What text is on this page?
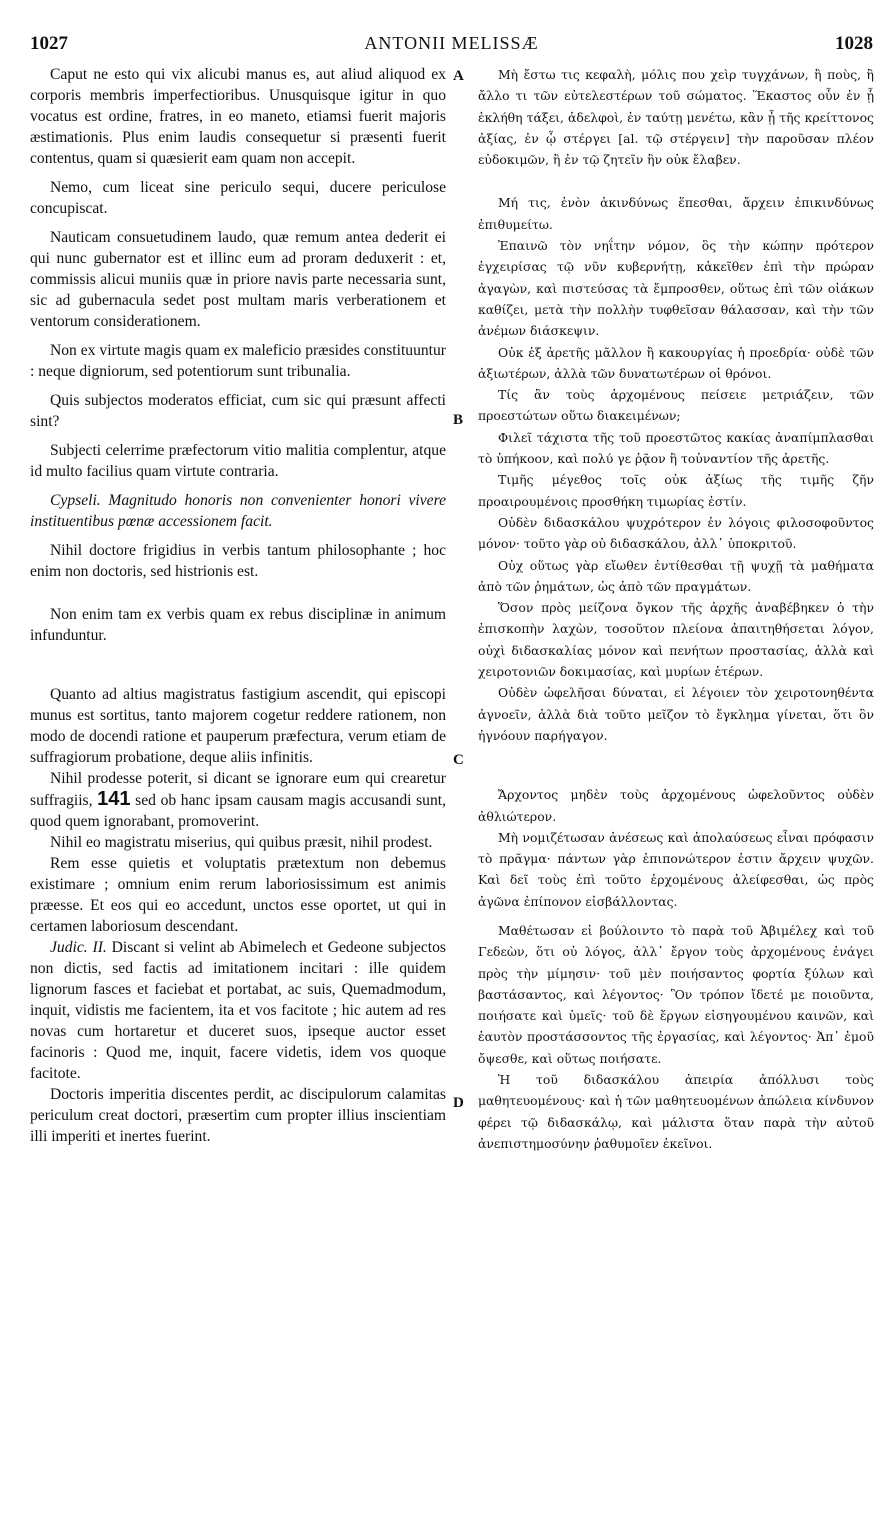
1027	ANTONII MELISSÆ	1028
A
B
C
D

Caput ne esto qui vix alicubi manus es, aut aliud aliquod ex corporis membris imperfectioribus. Unusquisque igitur in quo vocatus est ordine, fratres, in eo maneto, etiamsi fuerit majoris æstimationis. Plus enim laudis consequetur si præsenti fuerit contentus, quam si quæsierit eam quam non accepit.

Nemo, cum liceat sine periculo sequi, ducere periculose concupiscat.

Nauticam consuetudinem laudo, quæ remum antea dederit ei qui nunc gubernator est et illinc eum ad proram deduxerit : et, commissis alicui muniis quæ in priore navis parte necessaria sunt, sic ad gubernacula sedet post multam maris verberationem et ventorum considerationem.

Non ex virtute magis quam ex maleficio præsides constituuntur : neque digniorum, sed potentiorum sunt tribunalia.

Quis subjectos moderatos efficiat, cum sic qui præsunt affecti sint?

Subjecti celerrime præfectorum vitio malitia complentur, atque id multo facilius quam virtute contraria.

Cypseli. Magnitudo honoris non convenienter honori vivere instituentibus pœnæ accessionem facit.

Nihil doctore frigidius in verbis tantum philosophante ; hoc enim non doctoris, sed histrionis est.

Non enim tam ex verbis quam ex rebus disciplinæ in animum infunduntur.

Quanto ad altius magistratus fastigium ascendit, qui episcopi munus est sortitus, tanto majorem cogetur reddere rationem, non modo de docendi ratione et pauperum præfectura, verum etiam de suffragiorum probatione, deque aliis infinitis.

Nihil prodesse poterit, si dicant se ignorare eum qui crearetur suffragiis, 141 sed ob hanc ipsam causam magis accusandi sunt, quod quem ignorabant, promoverint.

Nihil eo magistratu miserius, qui quibus præsit, nihil prodest.

Rem esse quietis et voluptatis prætextum non debemus existimare ; omnium enim rerum laboriosissimum est animis præesse. Et eos qui eo accedunt, unctos esse oportet, ut qui in certamen laboriosum descendant.

Judic. II. Discant si velint ab Abimelech et Gedeone subjectos non dictis, sed factis ad imitationem incitari : ille quidem lignorum fasces et faciebat et portabat, ac suis, Quemadmodum, inquit, vidistis me facientem, ita et vos facitote ; hic autem ad res novas cum hortaretur et duceret suos, ipseque auctor esset facinoris : Quod me, inquit, facere videtis, idem vos quoque facitote.

Doctoris imperitia discentes perdit, ac discipulorum calamitas periculum creat doctori, præsertim cum propter illius inscientiam illi imperiti et inertes fuerint.

Μὴ ἔστω τις κεφαλὴ, μόλις που χεὶρ τυγχάνων, ἢ ποὺς, ἢ ἄλλο τι τῶν εὐτελεστέρων τοῦ σώματος. Ἕκαστος οὖν ἐν ᾗ ἐκλήθη τάξει, ἀδελφοὶ, ἐν ταύτῃ μενέτω, κἂν ᾖ τῆς κρείττονος ἀξίας, ἐν ᾧ στέργει [al. τῷ στέργειν] τὴν παροῦσαν πλέον εὐδοκιμῶν, ἢ ἐν τῷ ζητεῖν ἣν οὐκ ἔλαβεν.

Μή τις, ἐνὸν ἀκινδύνως ἕπεσθαι, ἄρχειν ἐπικινδύνως ἐπιθυμείτω.

Ἐπαινῶ τὸν νηΐτην νόμον, ὃς τὴν κώπην πρότερον ἐγχειρίσας τῷ νῦν κυβερνήτῃ, κἀκεῖθεν ἐπὶ τὴν πρώραν ἀγαγὼν, καὶ πιστεύσας τὰ ἔμπροσθεν, οὕτως ἐπὶ τῶν οἰάκων καθίζει, μετὰ τὴν πολλὴν τυφθεῖσαν θάλασσαν, καὶ τὴν τῶν ἀνέμων διάσκεψιν.

Οὐκ ἐξ ἀρετῆς μᾶλλον ἢ κακουργίας ἡ προεδρία· οὐδὲ τῶν ἀξιωτέρων, ἀλλὰ τῶν δυνατωτέρων οἱ θρόνοι.

Τίς ἂν τοὺς ἀρχομένους πείσειε μετριάζειν, τῶν προεστώτων οὕτω διακειμένων;

Φιλεῖ τάχιστα τῆς τοῦ προεστῶτος κακίας ἀναπίμπλασθαι τὸ ὑπήκοον, καὶ πολύ γε ῥᾷον ἢ τοὐναντίον τῆς ἀρετῆς.

Τιμῆς μέγεθος τοῖς οὐκ ἀξίως τῆς τιμῆς ζῆν προαιρουμένοις προσθήκη τιμωρίας ἐστίν.

Οὐδὲν διδασκάλου ψυχρότερον ἐν λόγοις φιλοσοφοῦντος μόνον· τοῦτο γὰρ οὐ διδασκάλου, ἀλλ᾽ ὑποκριτοῦ.

Οὐχ οὕτως γὰρ εἴωθεν ἐντίθεσθαι τῇ ψυχῇ τὰ μαθήματα ἀπὸ τῶν ῥημάτων, ὡς ἀπὸ τῶν πραγμάτων.

Ὅσον πρὸς μείζονα ὄγκον τῆς ἀρχῆς ἀναβέβηκεν ὁ τὴν ἐπισκοπὴν λαχὼν, τοσοῦτον πλείονα ἀπαιτηθήσεται λόγον, οὐχὶ διδασκαλίας μόνον καὶ πενήτων προστασίας, ἀλλὰ καὶ χειροτονιῶν δοκιμασίας, καὶ μυρίων ἑτέρων.

Οὐδὲν ὠφελῆσαι δύναται, εἰ λέγοιεν τὸν χειροτονηθέντα ἀγνοεῖν, ἀλλὰ διὰ τοῦτο μεῖζον τὸ ἔγκλημα γίνεται, ὅτι ὃν ἠγνόουν παρήγαγον.

Ἄρχοντος μηδὲν τοὺς ἀρχομένους ὠφελοῦντος οὐδὲν ἀθλιώτερον.

Μὴ νομιζέτωσαν ἀνέσεως καὶ ἀπολαύσεως εἶναι πρόφασιν τὸ πρᾶγμα· πάντων γὰρ ἐπιπονώτερον ἐστιν ἄρχειν ψυχῶν. Καὶ δεῖ τοὺς ἐπὶ τοῦτο ἐρχομένους ἀλείφεσθαι, ὡς πρὸς ἀγῶνα ἐπίπονον εἰσβάλλοντας.

Μαθέτωσαν εἰ βούλοιντο τὸ παρὰ τοῦ Ἀβιμέλεχ καὶ τοῦ Γεδεὼν, ὅτι οὐ λόγος, ἀλλ᾽ ἔργον τοὺς ἀρχομένους ἐνάγει πρὸς τὴν μίμησιν· τοῦ μὲν ποιήσαντος φορτία ξύλων καὶ βαστάσαντος, καὶ λέγοντος· Ὃν τρόπον ἴδετέ με ποιοῦντα, ποιήσατε καὶ ὑμεῖς· τοῦ δὲ ἔργων εἰσηγουμένου καινῶν, καὶ ἑαυτὸν προστάσσοντος τῆς ἐργασίας, καὶ λέγοντος· Ἀπ᾽ ἐμοῦ ὄψεσθε, καὶ οὕτως ποιήσατε.

Ἡ τοῦ διδασκάλου ἀπειρία ἀπόλλυσι τοὺς μαθητευομένους· καὶ ἡ τῶν μαθητευομένων ἀπώλεια κίνδυνον φέρει τῷ διδασκάλῳ, καὶ μάλιστα ὅταν παρὰ τὴν αὐτοῦ ἀνεπιστημοσύνην ῥαθυμοῖεν ἐκεῖνοι.
